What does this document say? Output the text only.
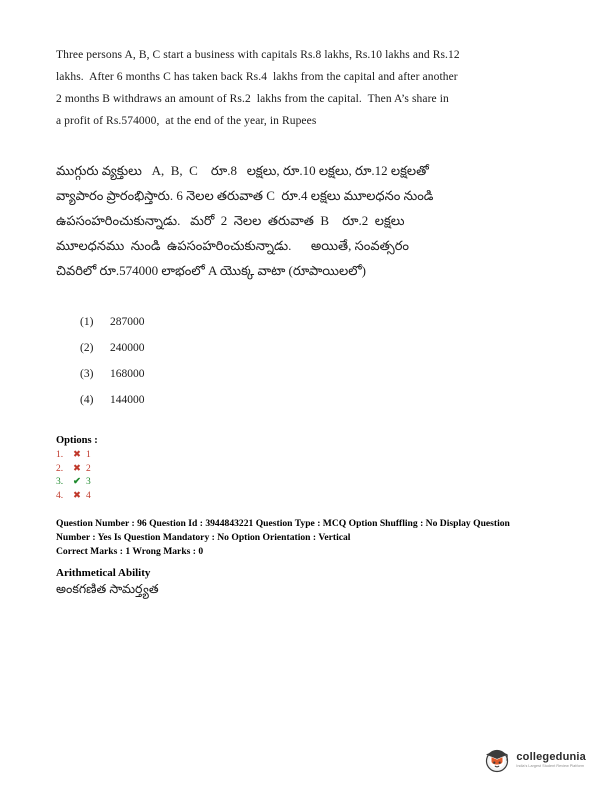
Three persons A, B, C start a business with capitals Rs.8 lakhs, Rs.10 lakhs and Rs.12
lakhs.  After 6 months C has taken back Rs.4  lakhs from the capital and after another
2 months B withdraws an amount of Rs.2  lakhs from the capital.  Then A’s share in
a profit of Rs.574000,  at the end of the year, in Rupees
ముగ్గురు వ్యక్తులు   A,  B,  C    రూ.8   లక్షలు, రూ.10 లక్షలు, రూ.12 లక్షలతో
వ్యాపారం ప్రారంభిస్తారు. 6 నెలల తరువాత C  రూ.4 లక్షలు మూలధనం నుండి
ఉపసంహరించుకున్నాడు.   మరో  2  నెలల  తరువాత  B    రూ.2  లక్షలు
మూలధనము  నుండి  ఉపసంహరించుకున్నాడు.      అయితే, సంవత్సరం
చివరిలో రూ.574000 లాభంలో A యొక్క వాటా (రూపాయిలలో)
(1) 287000
(2) 240000
(3) 168000
(4) 144000
Options :
1.	✖ 1
2.	✖ 2
3.	✔ 3
4.	✖ 4
Question Number : 96 Question Id : 3944843221 Question Type : MCQ Option Shuffling : No Display Question
Number : Yes Is Question Mandatory : No Option Orientation : Vertical
Correct Marks : 1 Wrong Marks : 0
Arithmetical Ability
అంకగణిత సామర్త్యత
collegedunia
India's Largest Student Review Platform
